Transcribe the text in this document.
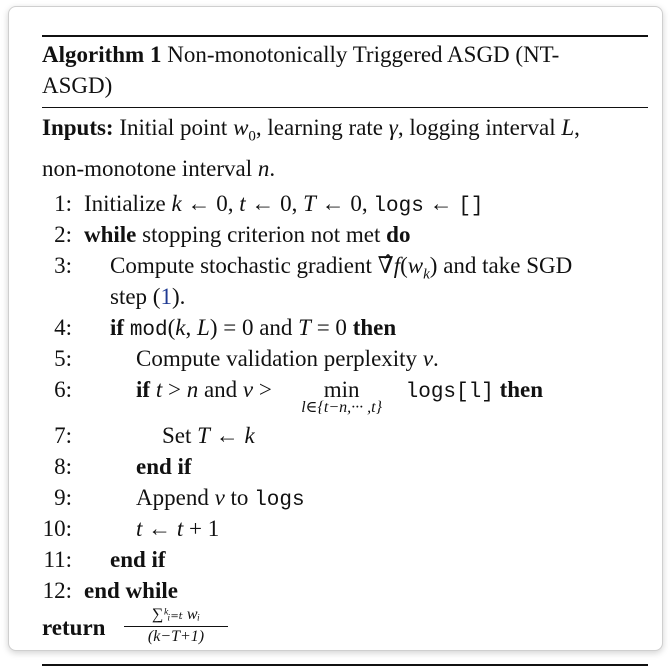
Algorithm 1 Non-monotonically Triggered ASGD (NT-
ASGD)
Inputs: Initial point $w_0$, learning rate γ, logging interval L,
non-monotone interval n.
1: Initialize k ← 0, t ← 0, T ← 0, logs ← []
2: while stopping criterion not met do
3: Compute stochastic gradient $\nablâf(w_k)$ and take SGD
step (1).
4: if mod(k, L) = 0 and T = 0 then
5:	Compute validation perplexity v.
6:	if t > n and v > min
l∈{t−n,··· ,t}
logs[l] then
7:	Set T ← k
8:	end if
9:	Append v to logs
10:	t ← t + 1
11: end if
12: end while
return
∑ᵏᵢ₌ₜ wᵢ
(k−T+1)
